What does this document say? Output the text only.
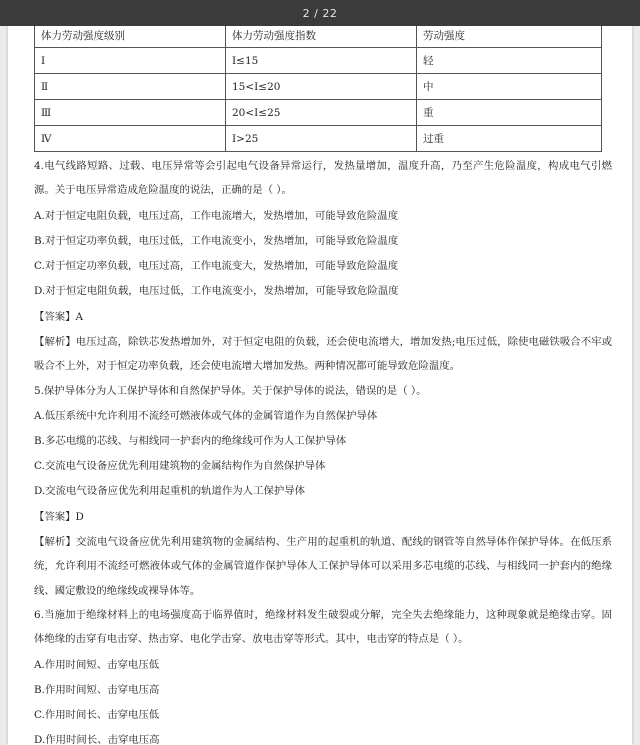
2 / 22
体力劳动强度级别	体力劳动强度指数	劳动强度
Ⅰ	I≤15	轻
Ⅱ	15<I≤20	中
Ⅲ	20<I≤25	重
Ⅳ	I>25	过重
4.电气线路短路、过载、电压异常等会引起电气设备异常运行，发热量增加，温度升高，乃至产生危险温度，构成电气引燃源。关于电压异常造成危险温度的说法，正确的是（ ）。
A.对于恒定电阻负载，电压过高，工作电流增大，发热增加，可能导致危险温度
B.对于恒定功率负载，电压过低，工作电流变小，发热增加，可能导致危险温度
C.对于恒定功率负载，电压过高，工作电流变大，发热增加，可能导致危险温度
D.对于恒定电阻负载，电压过低，工作电流变小，发热增加，可能导致危险温度
【答案】A
【解析】电压过高，除铁芯发热增加外，对于恒定电阻的负载，还会使电流增大，增加发热;电压过低，除使电磁铁吸合不牢或吸合不上外，对于恒定功率负载，还会使电流增大增加发热。两种情况都可能导致危险温度。
5.保护导体分为人工保护导体和自然保护导体。关于保护导体的说法，错误的是（ ）。
A.低压系统中允许利用不流经可燃液体或气体的金属管道作为自然保护导体
B.多芯电缆的芯线、与相线同一护套内的绝缘线可作为人工保护导体
C.交流电气设备应优先利用建筑物的金属结构作为自然保护导体
D.交流电气设备应优先利用起重机的轨道作为人工保护导体
【答案】D
【解析】交流电气设备应优先利用建筑物的金属结构、生产用的起重机的轨道、配线的钢管等自然导体作保护导体。在低压系统，允许利用不流经可燃液体或气体的金属管道作保护导体人工保护导体可以采用多芯电缆的芯线、与相线同一护套内的绝缘线、國定敷设的绝缘线或裸导体等。
6.当施加于绝缘材料上的电场强度高于临界值时，绝缘材料发生破裂或分解，完全失去绝缘能力，这种现象就是绝缘击穿。固体绝缘的击穿有电击穿、热击穿、电化学击穿、放电击穿等形式。其中，电击穿的特点是（ ）。
A.作用时间短、击穿电压低
B.作用时间短、击穿电压高
C.作用时间长、击穿电压低
D.作用时间长、击穿电压高
